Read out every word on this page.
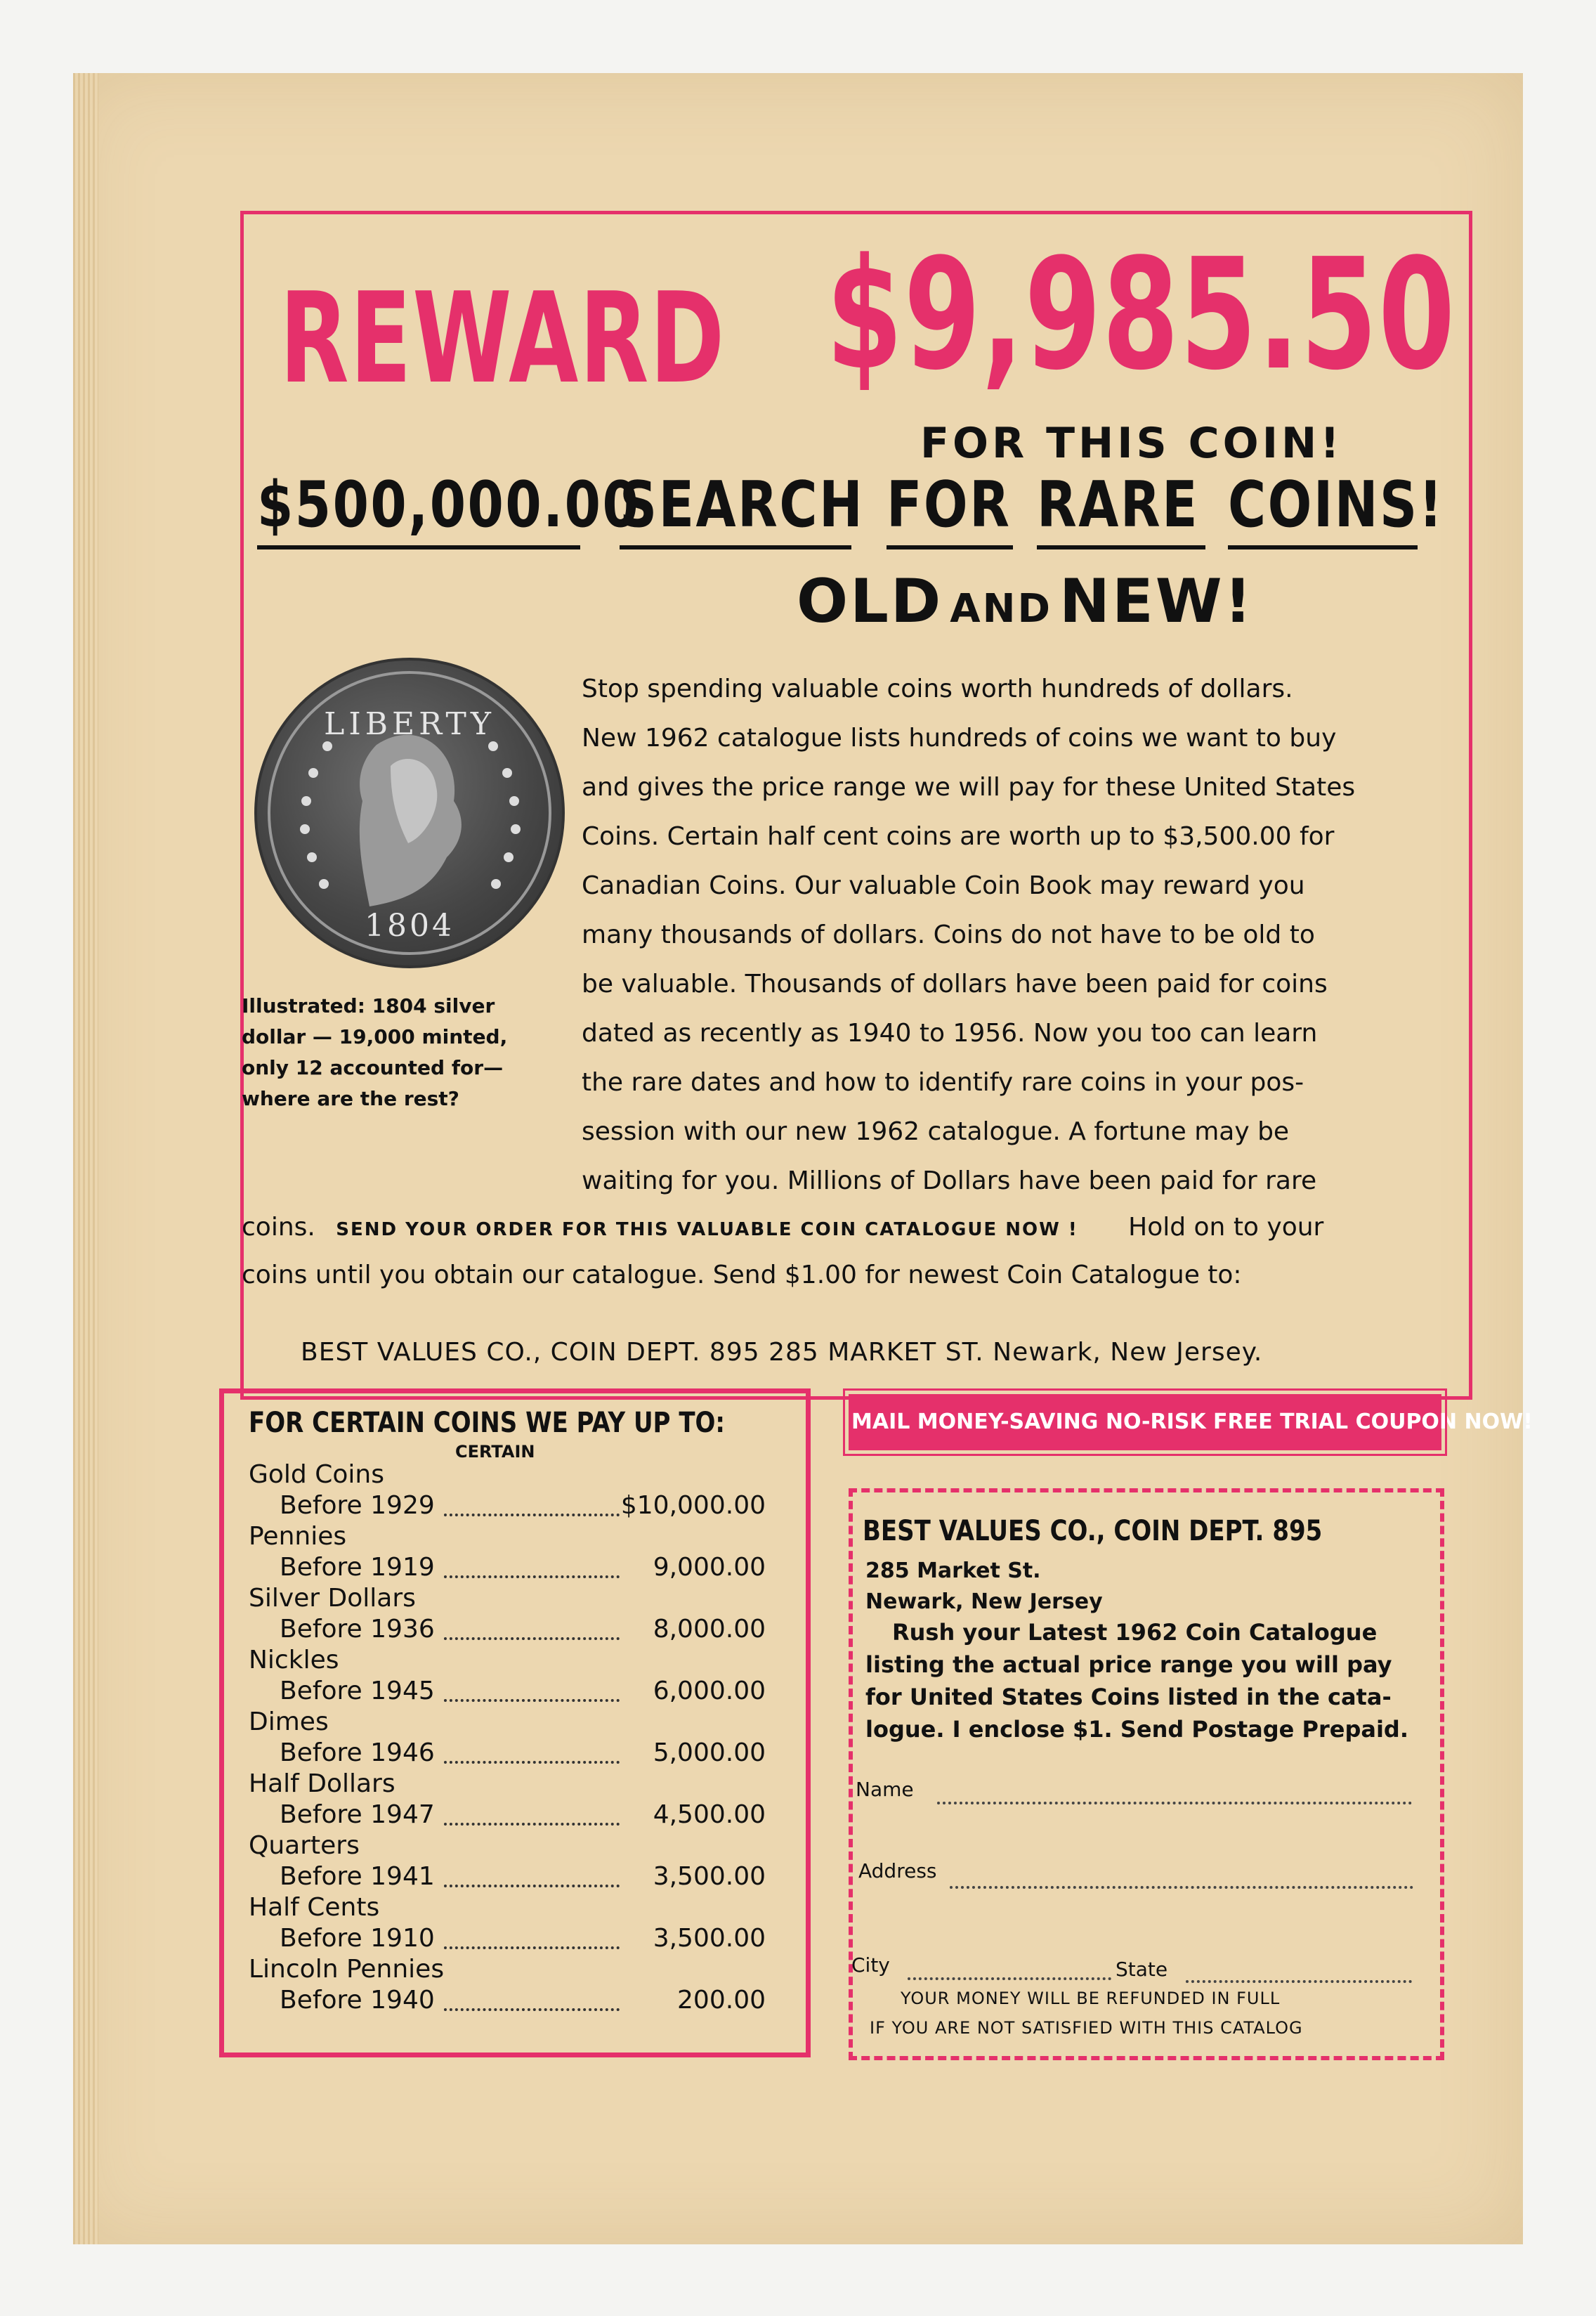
REWARD $9,985.50
FOR THIS COIN!
$500,000.00
SEARCH FOR RARE COINS!
OLD AND NEW!
LIBERTY
1804
Illustrated: 1804 silver
dollar — 19,000 minted,
only 12 accounted for—
where are the rest?
Stop spending valuable coins worth hundreds of dollars.
New 1962 catalogue lists hundreds of coins we want to buy
and gives the price range we will pay for these United States
Coins. Certain half cent coins are worth up to $3,500.00 for
Canadian Coins. Our valuable Coin Book may reward you
many thousands of dollars. Coins do not have to be old to
be valuable. Thousands of dollars have been paid for coins
dated as recently as 1940 to 1956. Now you too can learn
the rare dates and how to identify rare coins in your pos-
session with our new 1962 catalogue. A fortune may be
waiting for you. Millions of Dollars have been paid for rare
coins. SEND YOUR ORDER FOR THIS VALUABLE COIN CATALOGUE NOW ! Hold on to your
coins until you obtain our catalogue. Send $1.00 for newest Coin Catalogue to:
BEST VALUES CO., COIN DEPT. 895 285 MARKET ST. Newark, New Jersey.
FOR CERTAIN COINS WE PAY UP TO:
CERTAIN
Gold Coins
Before 1929	$10,000.00
Pennies
Before 1919	9,000.00
Silver Dollars
Before 1936	8,000.00
Nickles
Before 1945	6,000.00
Dimes
Before 1946	5,000.00
Half Dollars
Before 1947	4,500.00
Quarters
Before 1941	3,500.00
Half Cents
Before 1910	3,500.00
Lincoln Pennies
Before 1940	200.00
MAIL MONEY-SAVING NO-RISK FREE TRIAL COUPON NOW!
BEST VALUES CO., COIN DEPT. 895
285 Market St.
Newark, New Jersey
Rush your Latest 1962 Coin Catalogue
listing the actual price range you will pay
for United States Coins listed in the cata-
logue. I enclose $1. Send Postage Prepaid.
Name
Address
City	State
YOUR MONEY WILL BE REFUNDED IN FULL
IF YOU ARE NOT SATISFIED WITH THIS CATALOG
